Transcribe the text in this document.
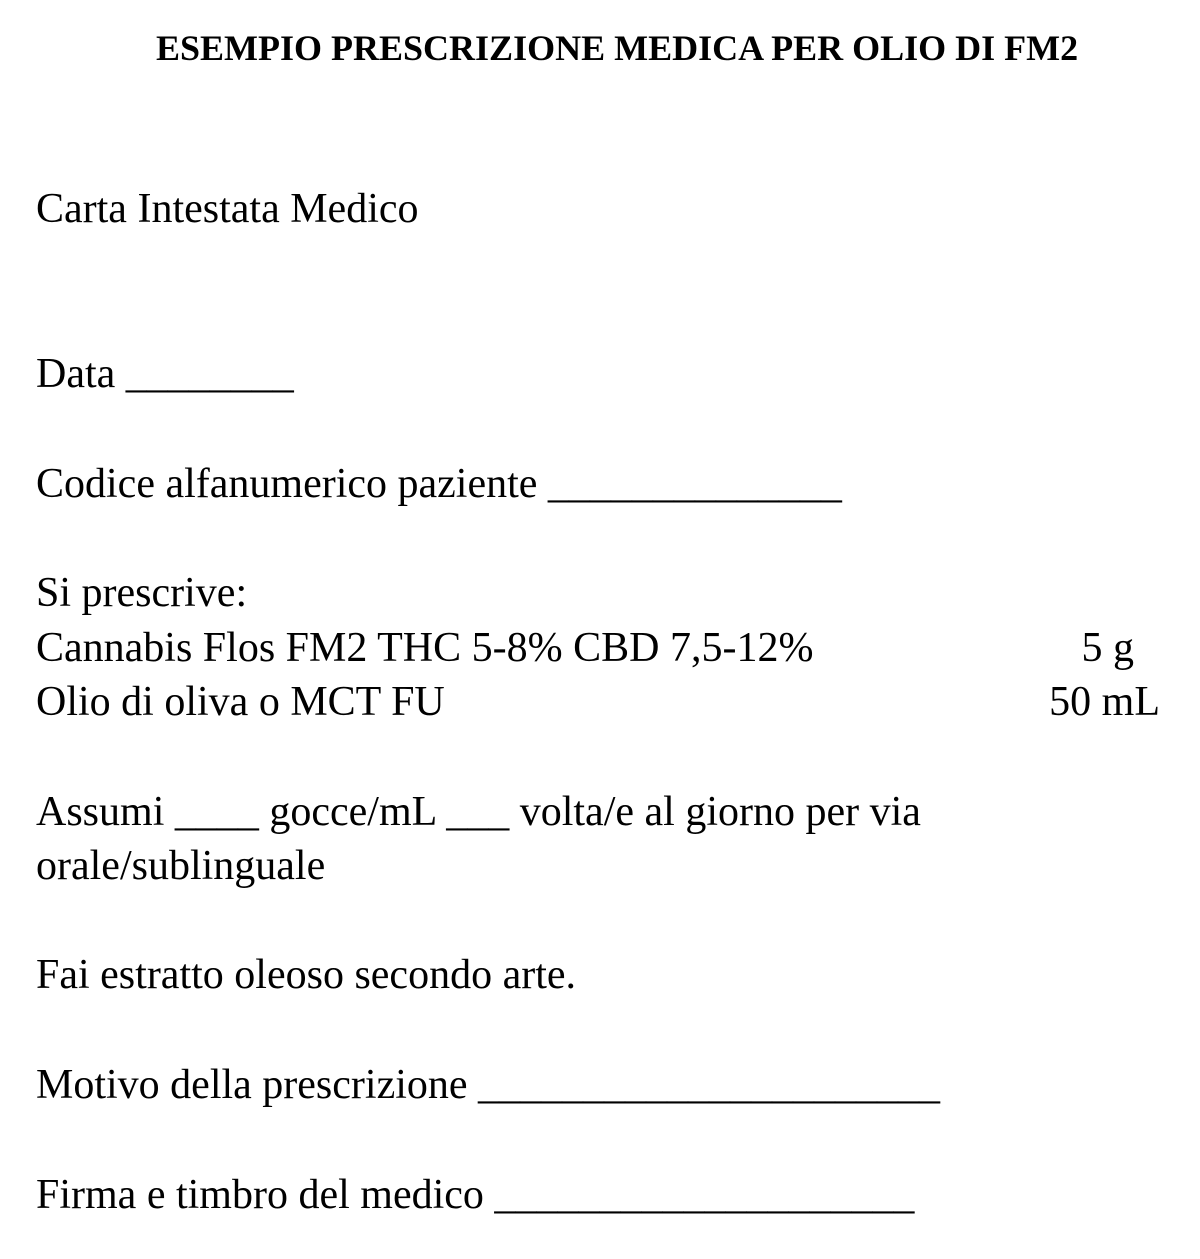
ESEMPIO PRESCRIZIONE MEDICA PER OLIO DI FM2
Carta Intestata Medico
Data ________
Codice alfanumerico paziente ______________
Si prescrive:
Cannabis Flos FM2 THC 5-8% CBD 7,5-12%	5 g
Olio di oliva o MCT FU	50 mL
Assumi ____ gocce/mL ___ volta/e al giorno per via
orale/sublinguale
Fai estratto oleoso secondo arte.
Motivo della prescrizione ______________________
Firma e timbro del medico ____________________
